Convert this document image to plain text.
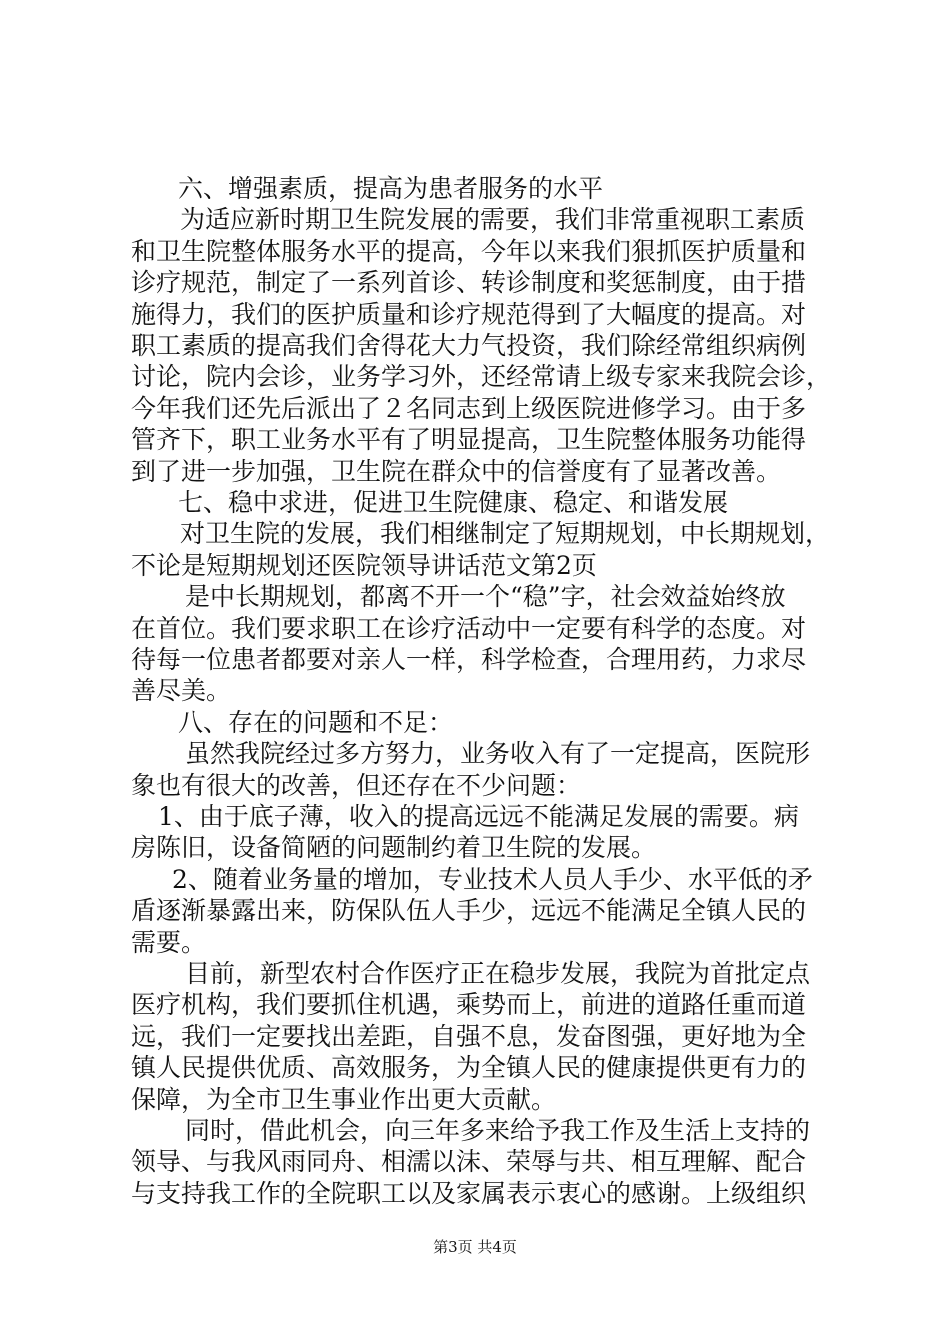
六、增强素质，提高为患者服务的水平
为适应新时期卫生院发展的需要，我们非常重视职工素质
和卫生院整体服务水平的提高，今年以来我们狠抓医护质量和
诊疗规范，制定了一系列首诊、转诊制度和奖惩制度，由于措
施得力，我们的医护质量和诊疗规范得到了大幅度的提高。对
职工素质的提高我们舍得花大力气投资，我们除经常组织病例
讨论，院内会诊，业务学习外，还经常请上级专家来我院会诊，
今年我们还先后派出了２名同志到上级医院进修学习。由于多
管齐下，职工业务水平有了明显提高，卫生院整体服务功能得
到了进一步加强，卫生院在群众中的信誉度有了显著改善。
七、稳中求进，促进卫生院健康、稳定、和谐发展
对卫生院的发展，我们相继制定了短期规划，中长期规划，
不论是短期规划还医院领导讲话范文第2页
是中长期规划，都离不开一个“稳”字，社会效益始终放
在首位。我们要求职工在诊疗活动中一定要有科学的态度。对
待每一位患者都要对亲人一样，科学检查，合理用药，力求尽
善尽美。
八、存在的问题和不足：
虽然我院经过多方努力，业务收入有了一定提高，医院形
象也有很大的改善，但还存在不少问题：
1、由于底子薄，收入的提高远远不能满足发展的需要。病
房陈旧，设备简陋的问题制约着卫生院的发展。
2、随着业务量的增加，专业技术人员人手少、水平低的矛
盾逐渐暴露出来，防保队伍人手少，远远不能满足全镇人民的
需要。
目前，新型农村合作医疗正在稳步发展，我院为首批定点
医疗机构，我们要抓住机遇，乘势而上，前进的道路任重而道
远，我们一定要找出差距，自强不息，发奋图强，更好地为全
镇人民提供优质、高效服务，为全镇人民的健康提供更有力的
保障，为全市卫生事业作出更大贡献。
同时，借此机会，向三年多来给予我工作及生活上支持的
领导、与我风雨同舟、相濡以沫、荣辱与共、相互理解、配合
与支持我工作的全院职工以及家属表示衷心的感谢。上级组织
第3页 共4页
